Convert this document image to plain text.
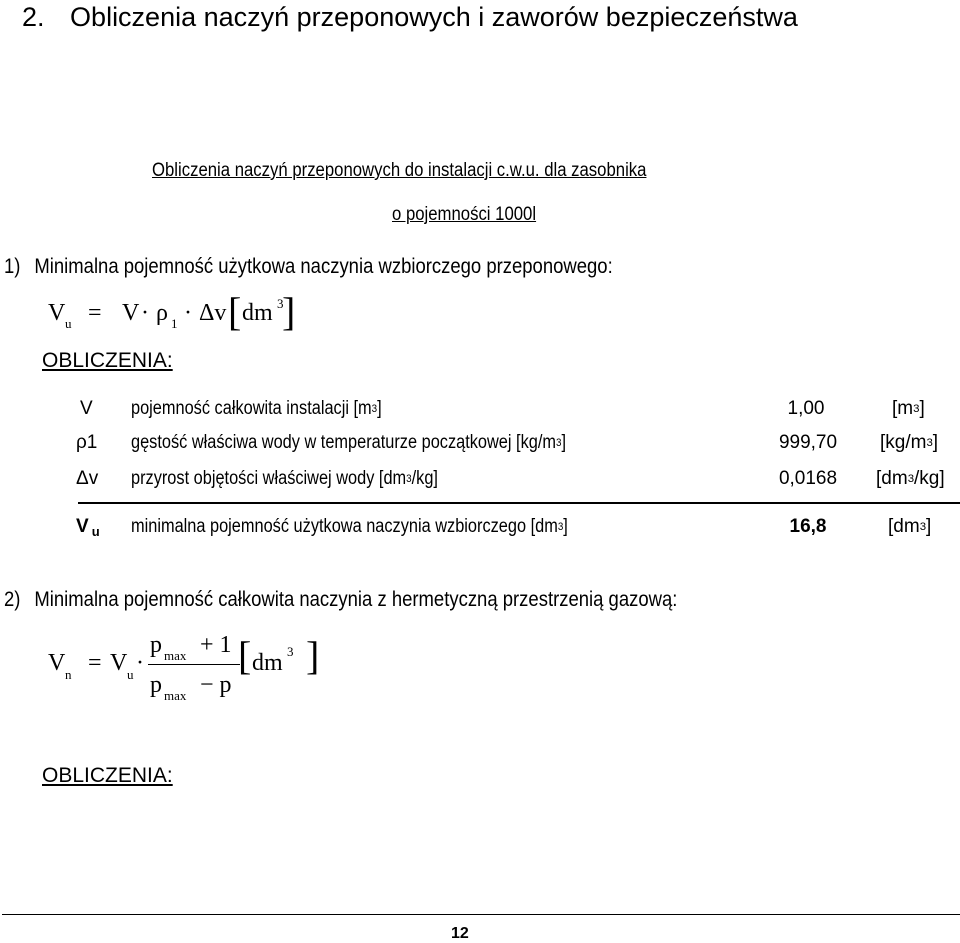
2. Obliczenia naczyń przeponowych i zaworów bezpieczeństwa
Obliczenia naczyń przeponowych do instalacji c.w.u. dla zasobnika
o pojemności 1000l
1) Minimalna pojemność użytkowa naczynia wzbiorczego przeponowego:
V u = V · ρ 1 · Δv [ dm 3
]
OBLICZENIA:
V pojemność całkowita instalacji [m 3 ]	1,00	[m 3 ]
ρ1 gęstość właściwa wody w temperaturze początkowej [kg/m 3 ]	999,70 [kg/m 3 ]
Δv przyrost objętości właściwej wody [dm 3 /kg]	0,0168 [dm 3 /kg]
V u minimalna pojemność użytkowa naczynia wzbiorczego [dm 3 ]	16,8	[dm 3 ]
2) Minimalna pojemność całkowita naczynia z hermetyczną przestrzenią gazową:
V n = V u ·
p max + 1
p max − p
[ dm 3 ]
OBLICZENIA:
12
